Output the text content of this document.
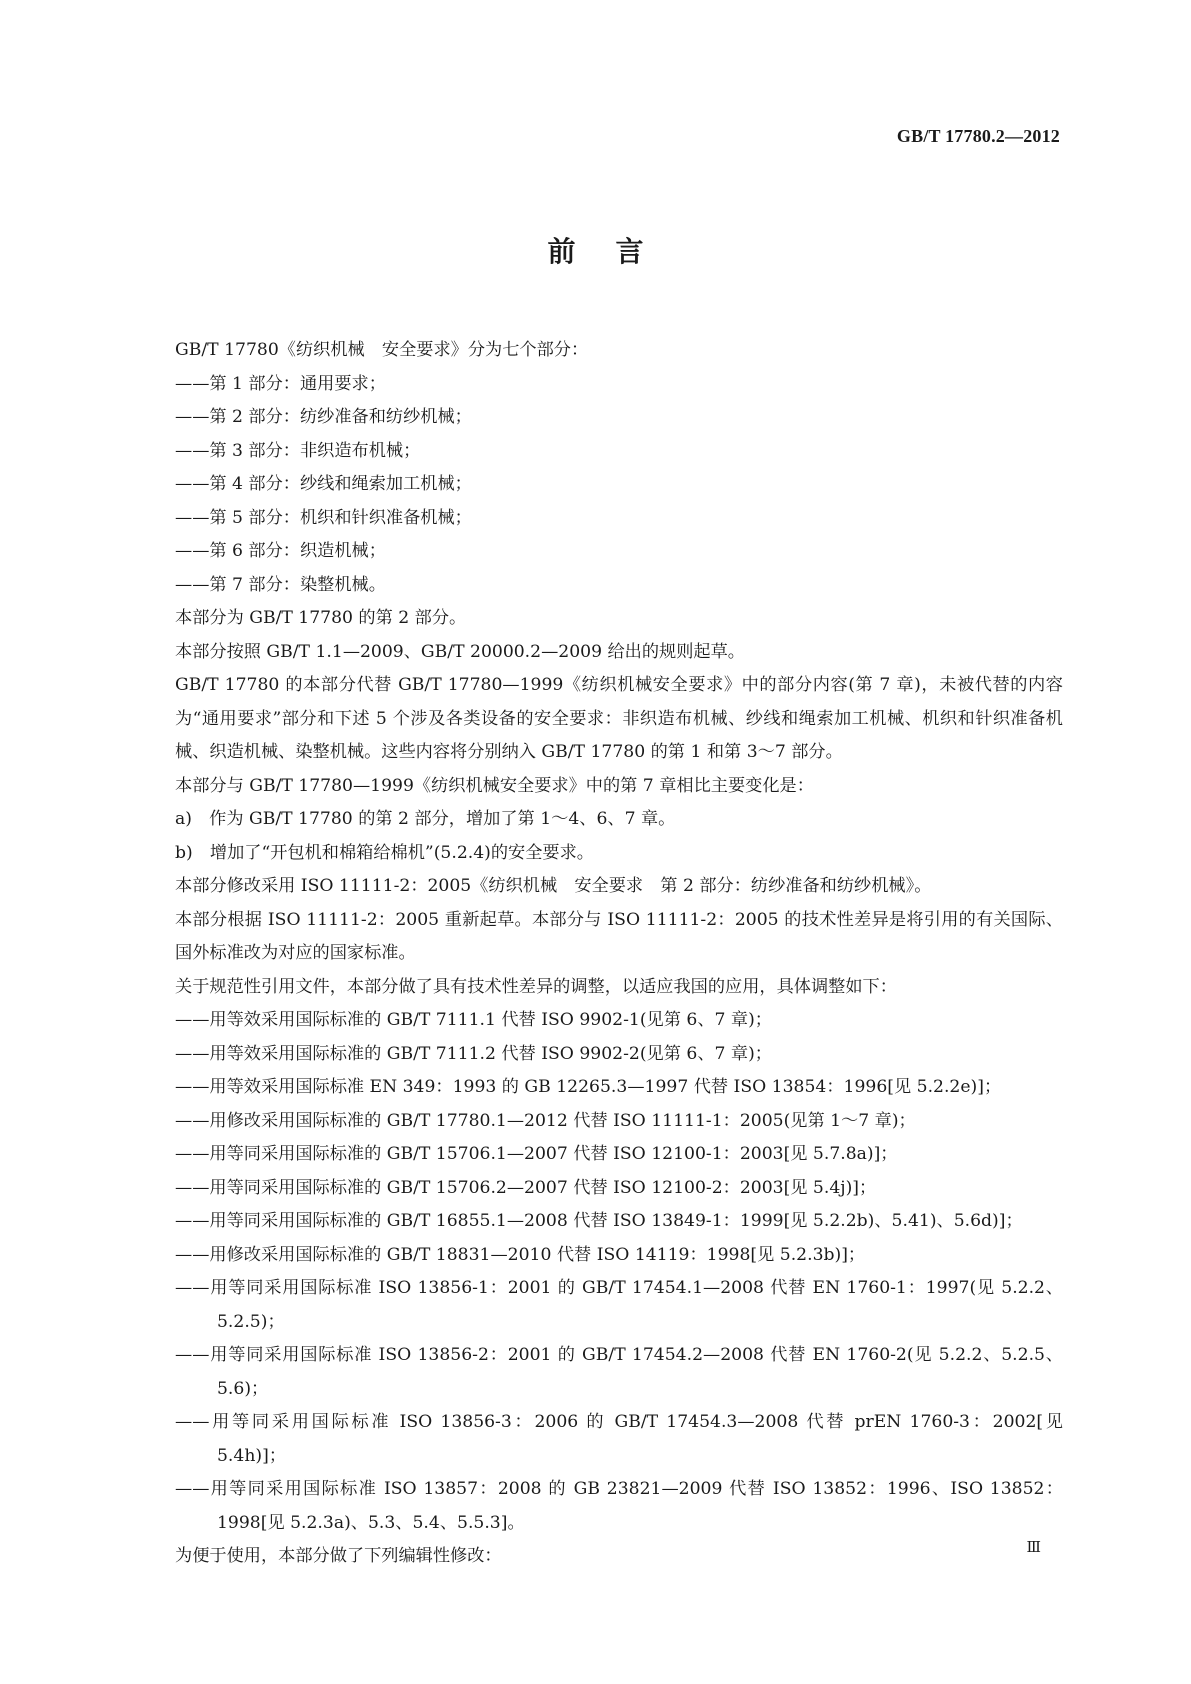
GB/T 17780.2—2012

前言

GB/T 17780《纺织机械　安全要求》分为七个部分：

——第 1 部分：通用要求；

——第 2 部分：纺纱准备和纺纱机械；

——第 3 部分：非织造布机械；

——第 4 部分：纱线和绳索加工机械；

——第 5 部分：机织和针织准备机械；

——第 6 部分：织造机械；

——第 7 部分：染整机械。

本部分为 GB/T 17780 的第 2 部分。

本部分按照 GB/T 1.1—2009、GB/T 20000.2—2009 给出的规则起草。

GB/T 17780 的本部分代替 GB/T 17780—1999《纺织机械安全要求》中的部分内容(第 7 章)，未被代替的内容为“通用要求”部分和下述 5 个涉及各类设备的安全要求：非织造布机械、纱线和绳索加工机械、机织和针织准备机械、织造机械、染整机械。这些内容将分别纳入 GB/T 17780 的第 1 和第 3～7 部分。

本部分与 GB/T 17780—1999《纺织机械安全要求》中的第 7 章相比主要变化是：

a)　作为 GB/T 17780 的第 2 部分，增加了第 1～4、6、7 章。

b)　增加了“开包机和棉箱给棉机”(5.2.4)的安全要求。

本部分修改采用 ISO 11111-2：2005《纺织机械　安全要求　第 2 部分：纺纱准备和纺纱机械》。

本部分根据 ISO 11111-2：2005 重新起草。本部分与 ISO 11111-2：2005 的技术性差异是将引用的有关国际、国外标准改为对应的国家标准。

关于规范性引用文件，本部分做了具有技术性差异的调整，以适应我国的应用，具体调整如下：

——用等效采用国际标准的 GB/T 7111.1 代替 ISO 9902-1(见第 6、7 章)；

——用等效采用国际标准的 GB/T 7111.2 代替 ISO 9902-2(见第 6、7 章)；

——用等效采用国际标准 EN 349：1993 的 GB 12265.3—1997 代替 ISO 13854：1996[见 5.2.2e)]；

——用修改采用国际标准的 GB/T 17780.1—2012 代替 ISO 11111-1：2005(见第 1～7 章)；

——用等同采用国际标准的 GB/T 15706.1—2007 代替 ISO 12100-1：2003[见 5.7.8a)]；

——用等同采用国际标准的 GB/T 15706.2—2007 代替 ISO 12100-2：2003[见 5.4j)]；

——用等同采用国际标准的 GB/T 16855.1—2008 代替 ISO 13849-1：1999[见 5.2.2b)、5.41)、5.6d)]；

——用修改采用国际标准的 GB/T 18831—2010 代替 ISO 14119：1998[见 5.2.3b)]；

——用等同采用国际标准 ISO 13856-1：2001 的 GB/T 17454.1—2008 代替 EN 1760-1：1997(见 5.2.2、5.2.5)；

——用等同采用国际标准 ISO 13856-2：2001 的 GB/T 17454.2—2008 代替 EN 1760-2(见 5.2.2、5.2.5、5.6)；

——用等同采用国际标准 ISO 13856-3：2006 的 GB/T 17454.3—2008 代替 prEN 1760-3：2002[见 5.4h)]；

——用等同采用国际标准 ISO 13857：2008 的 GB 23821—2009 代替 ISO 13852：1996、ISO 13852：1998[见 5.2.3a)、5.3、5.4、5.5.3]。

为便于使用，本部分做了下列编辑性修改：	Ⅲ
